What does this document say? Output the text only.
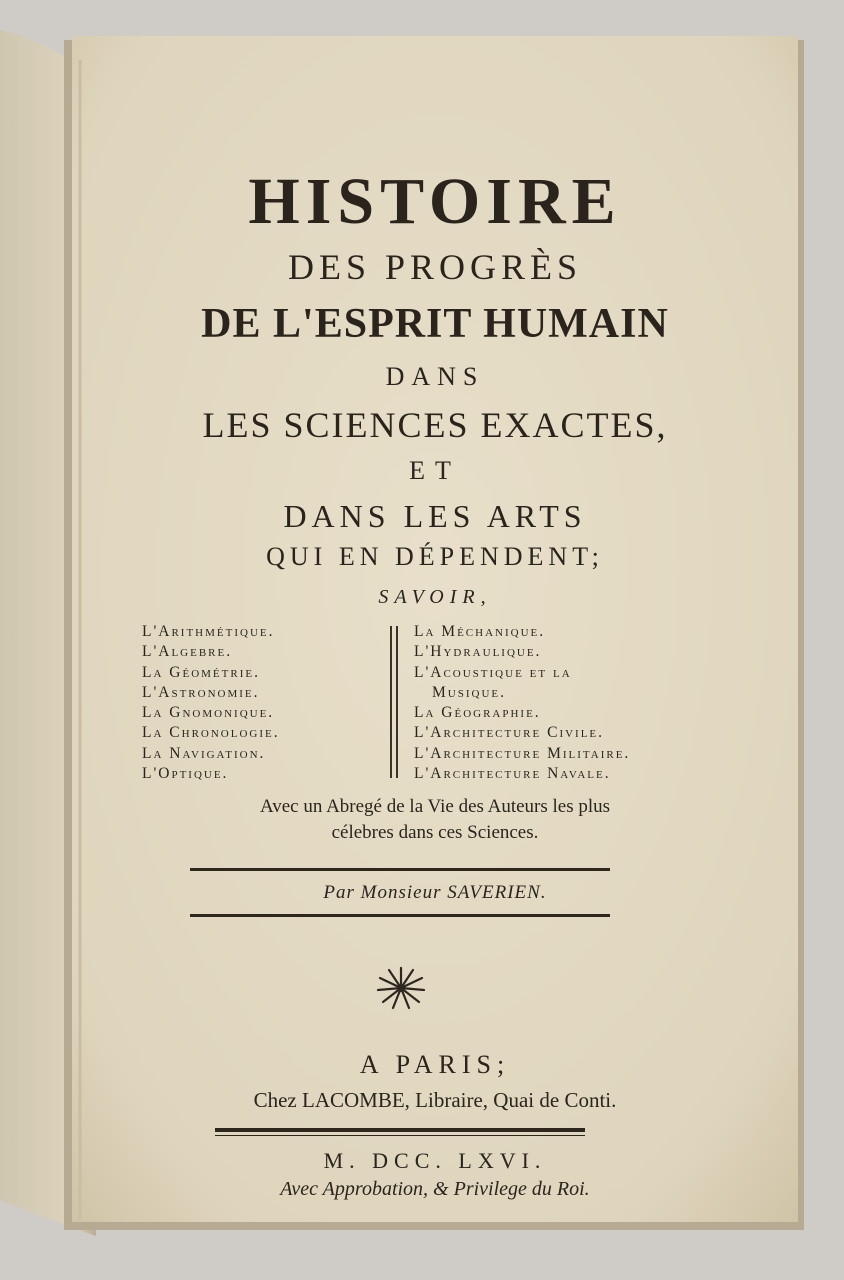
HISTOIRE

DES PROGRÈS

DE L'ESPRIT HUMAIN

DANS

LES SCIENCES EXACTES,

ET

DANS LES ARTS

QUI EN DÉPENDENT;

SAVOIR,

L'Arithmétique.
L'Algebre.
La Géométrie.
L'Astronomie.
La Gnomonique.
La Chronologie.
La Navigation.
L'Optique.
La Méchanique.
L'Hydraulique.
L'Acoustique et la
Musique.
La Géographie.
L'Architecture Civile.
L'Architecture Militaire.
L'Architecture Navale.

Avec un Abregé de la Vie des Auteurs les plus

célebres dans ces Sciences.

Par Monsieur SAVERIEN.

A PARIS;

Chez LACOMBE, Libraire, Quai de Conti.

M. DCC. LXVI.

Avec Approbation, & Privilege du Roi.
